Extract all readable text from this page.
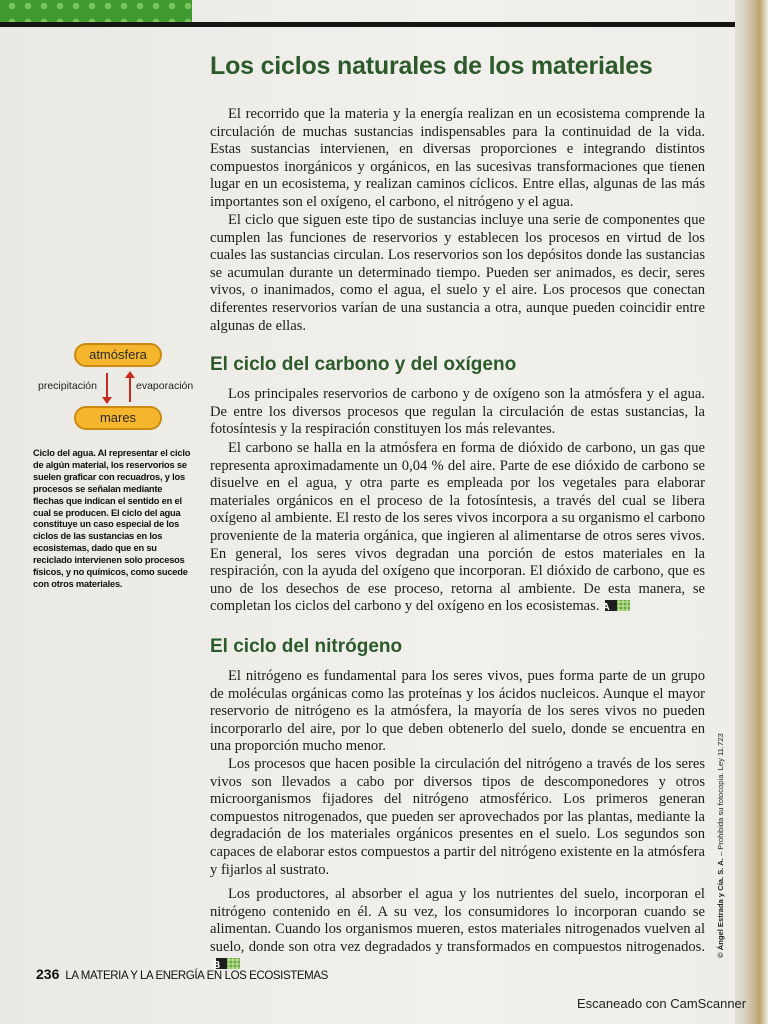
Los ciclos naturales de los materiales

El recorrido que la materia y la energía realizan en un ecosistema comprende la circulación de muchas sustancias indispensables para la continuidad de la vida. Estas sustancias intervienen, en diversas proporciones e integrando distintos compuestos inorgánicos y orgánicos, en las sucesivas transformaciones que tienen lugar en un ecosistema, y realizan caminos cíclicos. Entre ellas, algunas de las más importantes son el oxígeno, el carbono, el nitrógeno y el agua.

El ciclo que siguen este tipo de sustancias incluye una serie de componentes que cumplen las funciones de reservorios y establecen los procesos en virtud de los cuales las sustancias circulan. Los reservorios son los depósitos donde las sustancias se acumulan durante un determinado tiempo. Pueden ser animados, es decir, seres vivos, o inanimados, como el agua, el suelo y el aire. Los procesos que conectan diferentes reservorios varían de una sustancia a otra, aunque pueden coincidir entre algunas de ellas.

El ciclo del carbono y del oxígeno

Los principales reservorios de carbono y de oxígeno son la atmósfera y el agua. De entre los diversos procesos que regulan la circulación de estas sustancias, la fotosíntesis y la respiración constituyen los más relevantes.

El carbono se halla en la atmósfera en forma de dióxido de carbono, un gas que representa aproximadamente un 0,04 % del aire. Parte de ese dióxido de carbono se disuelve en el agua, y otra parte es empleada por los vegetales para elaborar materiales orgánicos en el proceso de la fotosíntesis, a través del cual se libera oxígeno al ambiente. El resto de los seres vivos incorpora a su organismo el carbono proveniente de la materia orgánica, que ingieren al alimentarse de otros seres vivos. En general, los seres vivos degradan una porción de estos materiales en la respiración, con la ayuda del oxígeno que incorporan. El dióxido de carbono, que es uno de los desechos de ese proceso, retorna al ambiente. De esta manera, se completan los ciclos del carbono y del oxígeno en los ecosistemas. A

El ciclo del nitrógeno

El nitrógeno es fundamental para los seres vivos, pues forma parte de un grupo de moléculas orgánicas como las proteínas y los ácidos nucleicos. Aunque el mayor reservorio de nitrógeno es la atmósfera, la mayoría de los seres vivos no pueden incorporarlo del aire, por lo que deben obtenerlo del suelo, donde se encuentra en una proporción mucho menor.

Los procesos que hacen posible la circulación del nitrógeno a través de los seres vivos son llevados a cabo por diversos tipos de descomponedores y otros microorganismos fijadores del nitrógeno atmosférico. Los primeros generan compuestos nitrogenados, que pueden ser aprovechados por las plantas, mediante la degradación de los materiales orgánicos presentes en el suelo. Los segundos son capaces de elaborar estos compuestos a partir del nitrógeno existente en la atmósfera y fijarlos al sustrato.

Los productores, al absorber el agua y los nutrientes del suelo, incorporan el nitrógeno contenido en él. A su vez, los consumidores lo incorporan cuando se alimentan. Cuando los organismos mueren, estos materiales nitrogenados vuelven al suelo, donde son otra vez degradados y transformados en compuestos nitrogenados.B

atmósfera
precipitación	evaporación
mares

Ciclo del agua. Al representar el ciclo de algún material, los reservorios se suelen graficar con recuadros, y los procesos se señalan mediante flechas que indican el sentido en el cual se producen. El ciclo del agua constituye un caso especial de los ciclos de las sustancias en los ecosistemas, dado que en su reciclado intervienen solo procesos físicos, y no químicos, como sucede con otros materiales.

236 LA MATERIA Y LA ENERGÍA EN LOS ECOSISTEMAS
© Ángel Estrada y Cía. S. A. – Prohibida su fotocopia. Ley 11.723
Escaneado con CamScanner
